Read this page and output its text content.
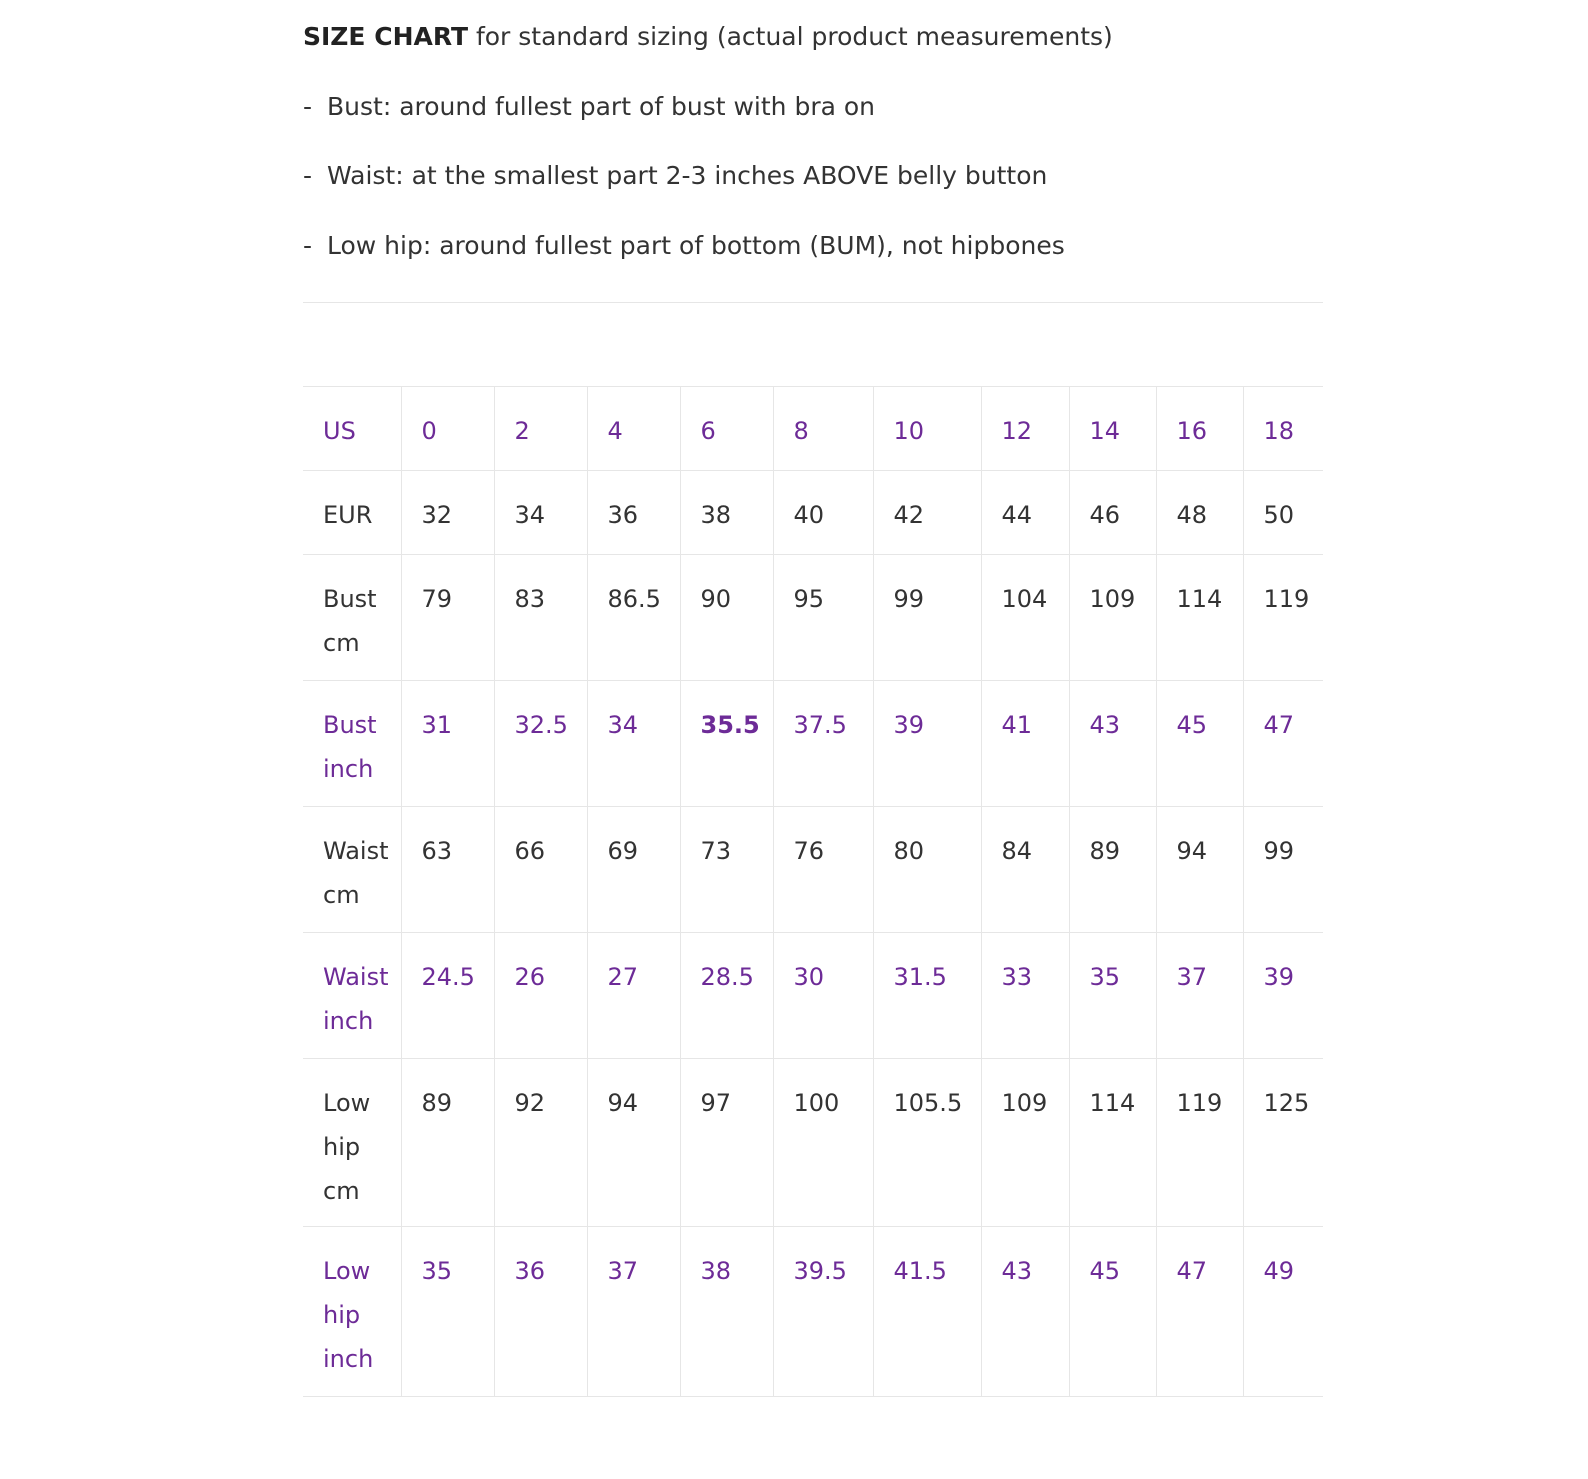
SIZE CHART for standard sizing (actual product measurements)
- Bust: around fullest part of bust with bra on
- Waist: at the smallest part 2-3 inches ABOVE belly button
- Low hip: around fullest part of bottom (BUM), not hipbones
US	0	2	4	6	8	10	12	14	16	18
EUR	32	34	36	38	40	42	44	46	48	50
Bust cm	79	83	86.5	90	95	99	104	109	114	119
Bust inch	31	32.5	34	35.5	37.5	39	41	43	45	47
Waist cm	63	66	69	73	76	80	84	89	94	99
Waist inch	24.5	26	27	28.5	30	31.5	33	35	37	39
Low hip cm	89	92	94	97	100	105.5	109	114	119	125
Low hip inch	35	36	37	38	39.5	41.5	43	45	47	49
